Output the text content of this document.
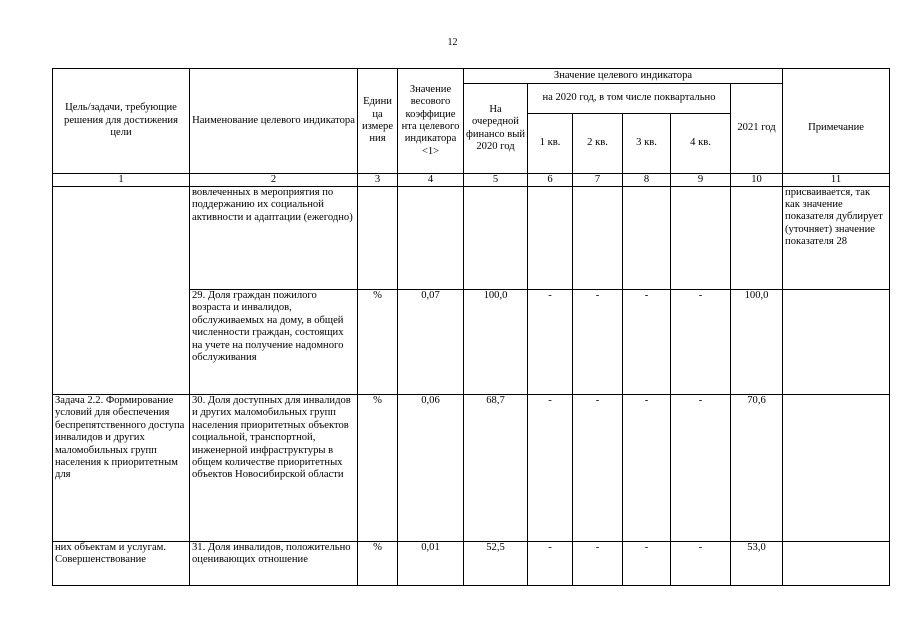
12
Цель/задачи, требующие решения для достижения цели	Наименование целевого индикатора	Едини ца измере ния	Значение весового коэффицие нта целевого индикатора <1>	Значение целевого индикатора						
				На очередной финансо вый 2020 год	на 2020 год, в том числе поквартально				2021 год	Примечание
					1 кв.	2 кв.	3 кв.	4 кв.		

1	2	3	4	5	6	7	8	9	10	11
	вовлеченных в мероприятия по поддержанию их социальной активности и адаптации (ежегодно)									присваивается, так как значение показателя дублирует (уточняет) значение показателя 28
	29. Доля граждан пожилого возраста и инвалидов, обслуживаемых на дому, в общей численности граждан, состоящих на учете на получение надомного обслуживания	%	0,07	100,0	-	-	-	-	100,0	
Задача 2.2. Формирование условий для обеспечения беспрепятственного доступа инвалидов и других маломобильных групп населения к приоритетным для	30. Доля доступных для инвалидов и других маломобильных групп населения приоритетных объектов социальной, транспортной, инженерной инфраструктуры в общем количестве приоритетных объектов Новосибирской области	%	0,06	68,7	-	-	-	-	70,6	
них объектам и услугам. Совершенствование	31. Доля инвалидов, положительно оценивающих отношение	%	0,01	52,5	-	-	-	-	53,0	
